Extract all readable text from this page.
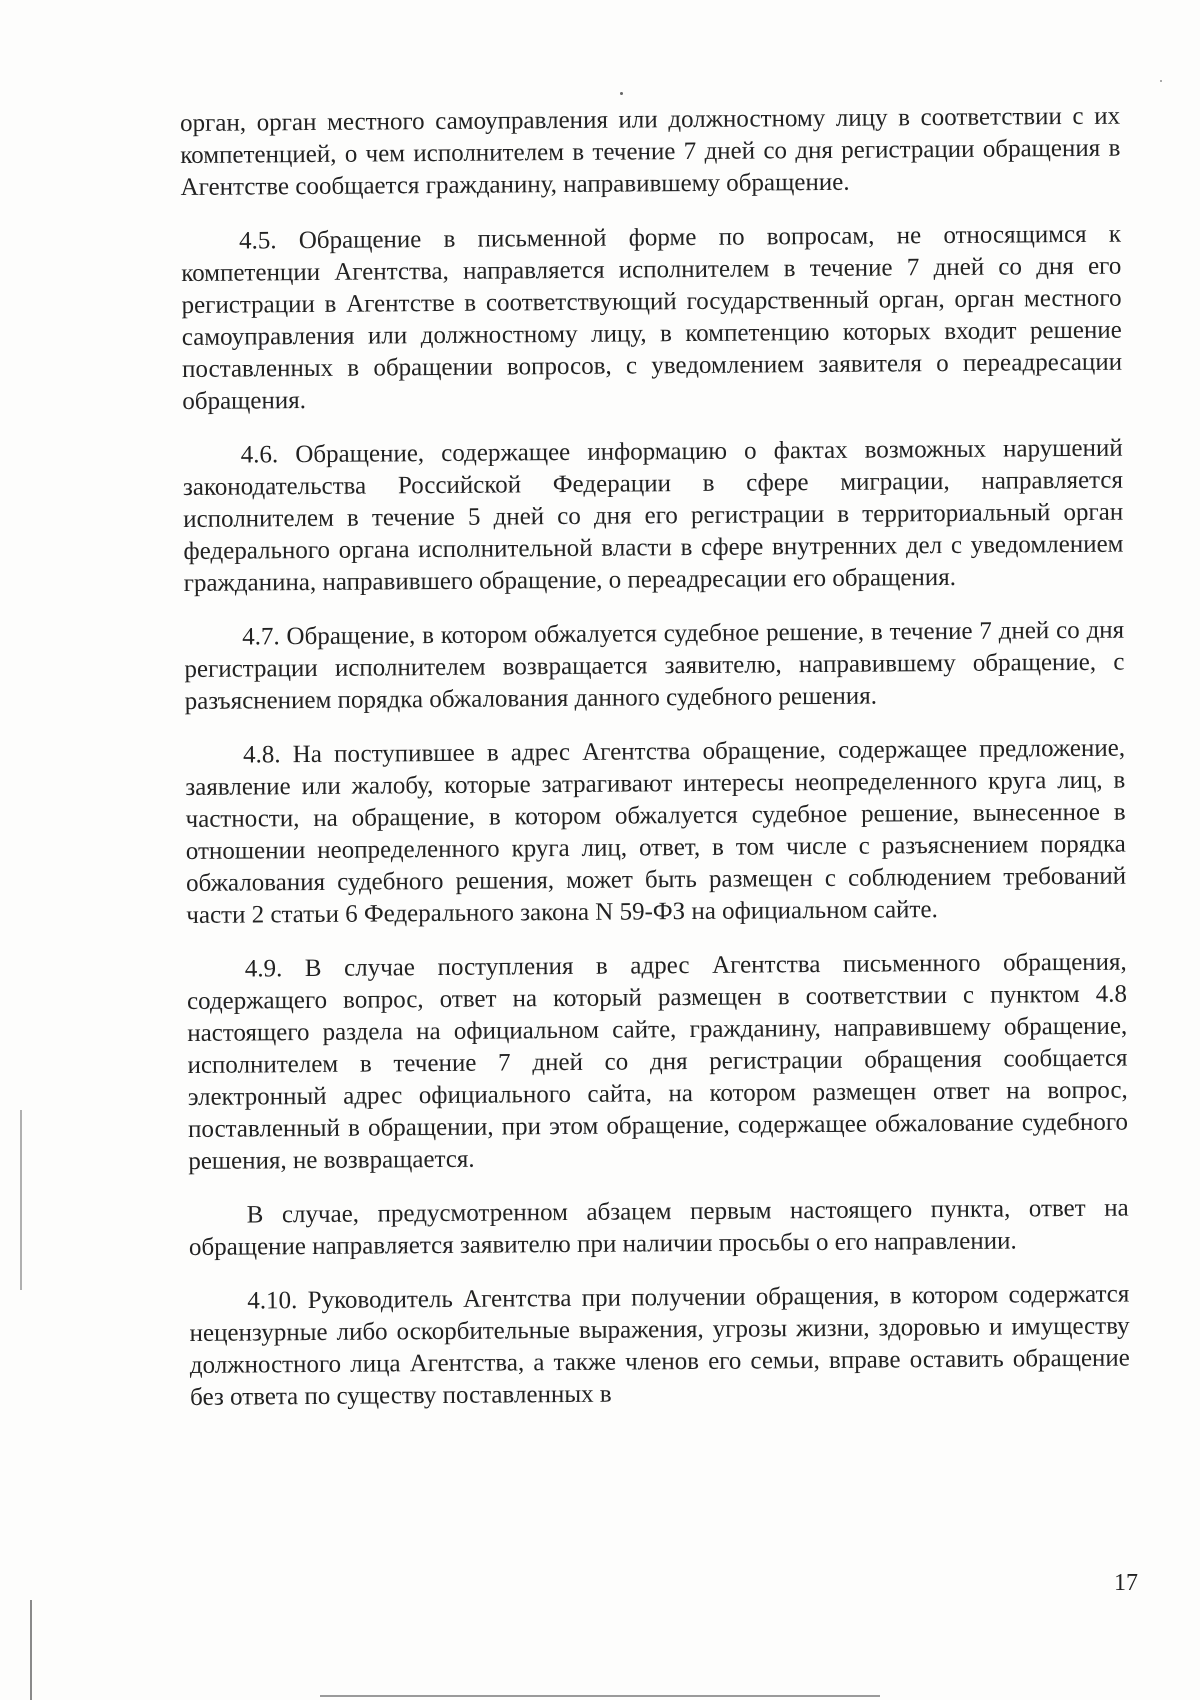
орган, орган местного самоуправления или должностному лицу в соответствии с их компетенцией, о чем исполнителем в течение 7 дней со дня регистрации обращения в Агентстве сообщается гражданину, направившему обращение.

4.5. Обращение в письменной форме по вопросам, не относящимся к компетенции Агентства, направляется исполнителем в течение 7 дней со дня его регистрации в Агентстве в соответствующий государственный орган, орган местного самоуправления или должностному лицу, в компетенцию которых входит решение поставленных в обращении вопросов, с уведомлением заявителя о переадресации обращения.

4.6. Обращение, содержащее информацию о фактах возможных нарушений законодательства Российской Федерации в сфере миграции, направляется исполнителем в течение 5 дней со дня его регистрации в территориальный орган федерального органа исполнительной власти в сфере внутренних дел с уведомлением гражданина, направившего обращение, о переадресации его обращения.

4.7. Обращение, в котором обжалуется судебное решение, в течение 7 дней со дня регистрации исполнителем возвращается заявителю, направившему обращение, с разъяснением порядка обжалования данного судебного решения.

4.8. На поступившее в адрес Агентства обращение, содержащее предложение, заявление или жалобу, которые затрагивают интересы неопределенного круга лиц, в частности, на обращение, в котором обжалуется судебное решение, вынесенное в отношении неопределенного круга лиц, ответ, в том числе с разъяснением порядка обжалования судебного решения, может быть размещен с соблюдением требований части 2 статьи 6 Федерального закона N 59-ФЗ на официальном сайте.

4.9. В случае поступления в адрес Агентства письменного обращения, содержащего вопрос, ответ на который размещен в соответствии с пунктом 4.8 настоящего раздела на официальном сайте, гражданину, направившему обращение, исполнителем в течение 7 дней со дня регистрации обращения сообщается электронный адрес официального сайта, на котором размещен ответ на вопрос, поставленный в обращении, при этом обращение, содержащее обжалование судебного решения, не возвращается.

В случае, предусмотренном абзацем первым настоящего пункта, ответ на обращение направляется заявителю при наличии просьбы о его направлении.

4.10. Руководитель Агентства при получении обращения, в котором содержатся нецензурные либо оскорбительные выражения, угрозы жизни, здоровью и имуществу должностного лица Агентства, а также членов его семьи, вправе оставить обращение без ответа по существу поставленных в

17
